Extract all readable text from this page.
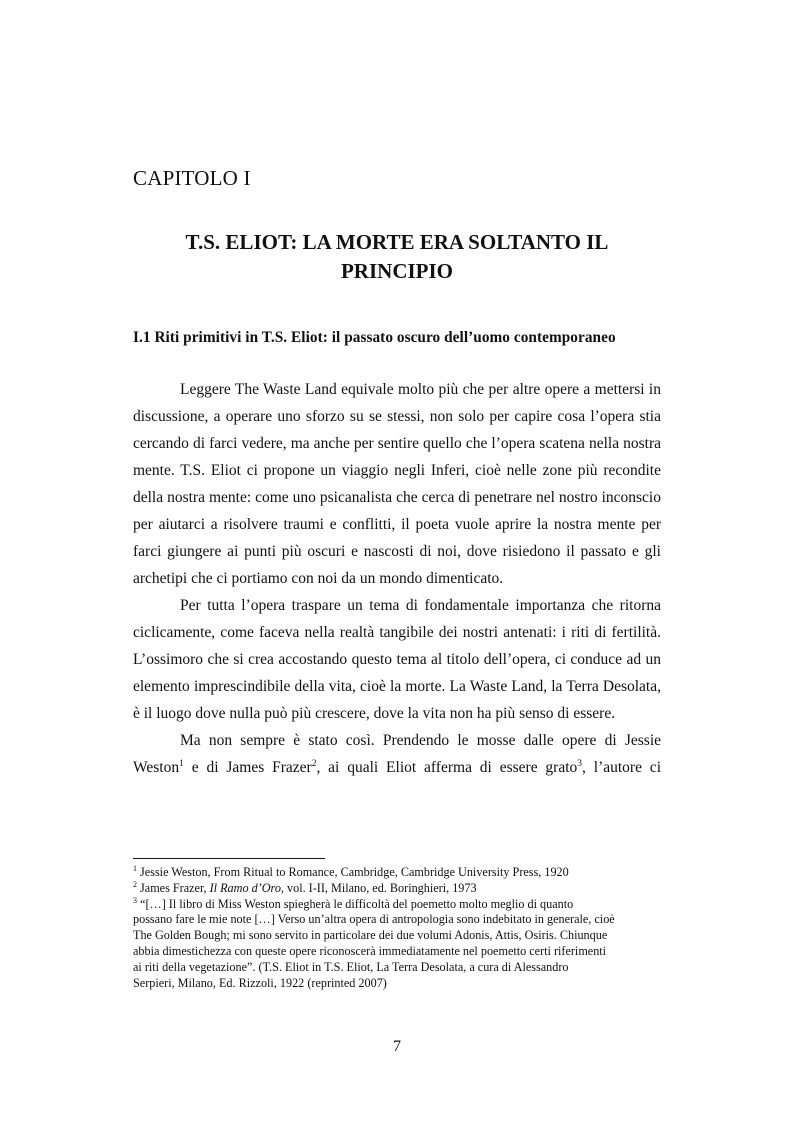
CAPITOLO I
T.S. ELIOT: LA MORTE ERA SOLTANTO IL
PRINCIPIO
I.1 Riti primitivi in T.S. Eliot: il passato oscuro dell’uomo contemporaneo

Leggere The Waste Land equivale molto più che per altre opere a mettersi in discussione, a operare uno sforzo su se stessi, non solo per capire cosa l’opera stia cercando di farci vedere, ma anche per sentire quello che l’opera scatena nella nostra mente. T.S. Eliot ci propone un viaggio negli Inferi, cioè nelle zone più recondite della nostra mente: come uno psicanalista che cerca di penetrare nel nostro inconscio per aiutarci a risolvere traumi e conflitti, il poeta vuole aprire la nostra mente per farci giungere ai punti più oscuri e nascosti di noi, dove risiedono il passato e gli archetipi che ci portiamo con noi da un mondo dimenticato.

Per tutta l’opera traspare un tema di fondamentale importanza che ritorna ciclicamente, come faceva nella realtà tangibile dei nostri antenati: i riti di fertilità. L’ossimoro che si crea accostando questo tema al titolo dell’opera, ci conduce ad un elemento imprescindibile della vita, cioè la morte. La Waste Land, la Terra Desolata, è il luogo dove nulla può più crescere, dove la vita non ha più senso di essere.

Ma non sempre è stato così. Prendendo le mosse dalle opere di Jessie Weston$^1$ e di James Frazer$^2$, ai quali Eliot afferma di essere grato$^3$, l’autore ci

$^1$ Jessie Weston, From Ritual to Romance, Cambridge, Cambridge University Press, 1920

$^2$ James Frazer, Il Ramo d’Oro, vol. I-II, Milano, ed. Boringhieri, 1973

$^3$ “[…] Il libro di Miss Weston spiegherà le difficoltà del poemetto molto meglio di quanto
possano fare le mie note […] Verso un’altra opera di antropologia sono indebitato in generale, cioè
The Golden Bough; mi sono servito in particolare dei due volumi Adonis, Attis, Osiris. Chiunque
abbia dimestichezza con queste opere riconoscerà immediatamente nel poemetto certi riferimenti
ai riti della vegetazione”. (T.S. Eliot in T.S. Eliot, La Terra Desolata, a cura di Alessandro
Serpieri, Milano, Ed. Rizzoli, 1922 (reprinted 2007)
7
